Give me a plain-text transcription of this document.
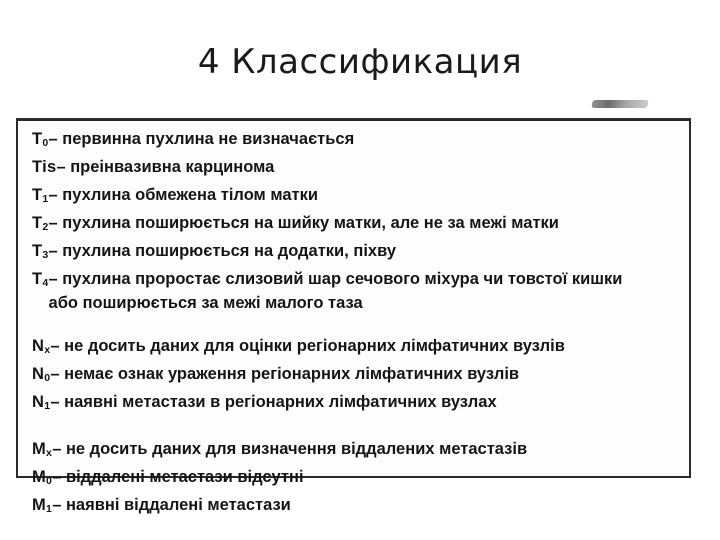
4 Классификация
$T_0$ – первинна пухлина не визначається
Tis – преінвазивна карцинома
$T_1$ – пухлина обмежена тілом матки
$T_2$ – пухлина поширюється на шийку матки, але не за межі матки
$T_3$ – пухлина поширюється на додатки, піхву
$T_4$ – пухлина проростає слизовий шар сечового міхура чи товстої кишки або поширюється за межі малого таза
$N_x$ – не досить даних для оцінки регіонарних лімфатичних вузлів
$N_0$ – немає ознак ураження регіонарних лімфатичних вузлів
$N_1$ – наявні метастази в регіонарних лімфатичних вузлах
$M_x$ – не досить даних для визначення віддалених метастазів
$M_0$ – віддалені метастази відсутні
$M_1$ – наявні віддалені метастази
